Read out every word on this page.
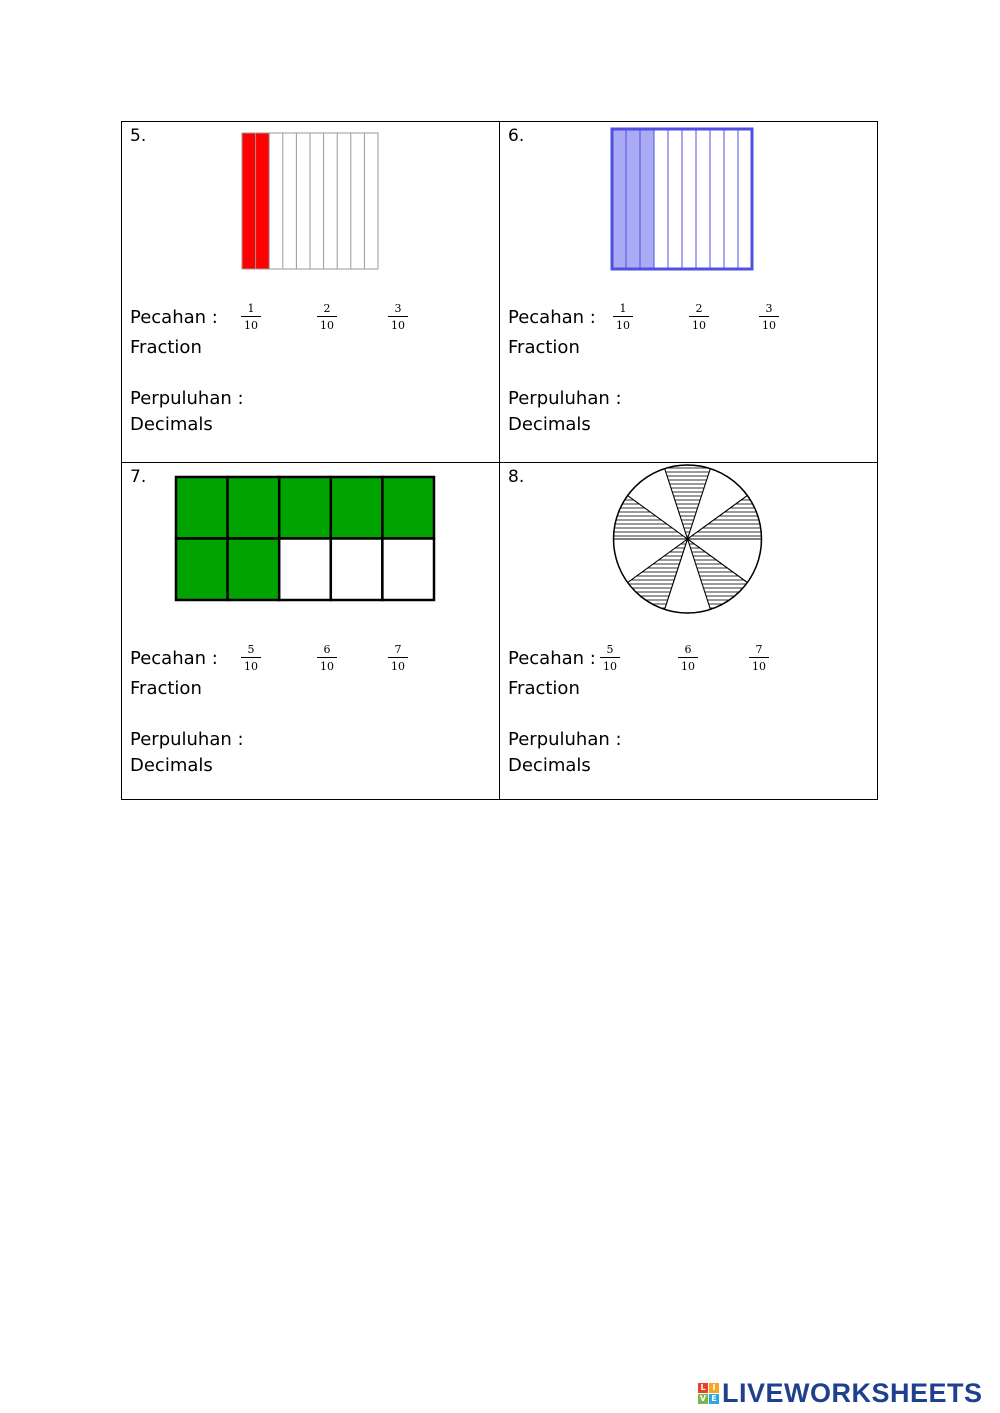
5.
Pecahan :
Fraction
$\frac{1}{10}$	$\frac{2}{10}$	$\frac{3}{10}$
Perpuluhan :
Decimals
6.
Pecahan :
Fraction
$\frac{1}{10}$	$\frac{2}{10}$	$\frac{3}{10}$
Perpuluhan :
Decimals
7.
Pecahan :
Fraction
$\frac{5}{10}$	$\frac{6}{10}$	$\frac{7}{10}$
Perpuluhan :
Decimals
8.
Pecahan :
Fraction
$\frac{5}{10}$	$\frac{6}{10}$	$\frac{7}{10}$
Perpuluhan :
Decimals
L I
V E LIVEWORKSHEETS
